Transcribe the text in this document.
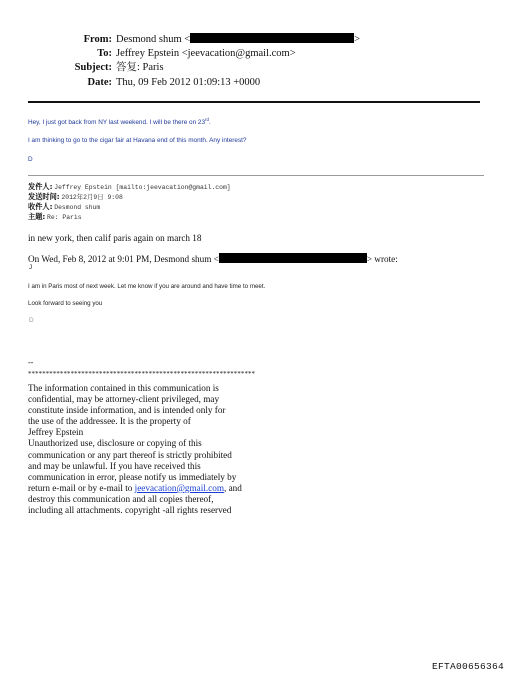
From: Desmond shum <	>
To: Jeffrey Epstein <jeevacation@gmail.com>
Subject: 答复: Paris
Date: Thu, 09 Feb 2012 01:09:13 +0000
Hey, I just got back from NY last weekend. I will be there on 23rd.
I am thinking to go to the cigar fair at Havana end of this month. Any interest?
D
发件人: Jeffrey Epstein [mailto:jeevacation@gmail.com]
发送时间: 2012年2月9日 9:08
收件人: Desmond shum
主题: Re: Paris
in new york, then calif paris again on march 18
On Wed, Feb 8, 2012 at 9:01 PM, Desmond shum <	> wrote:
J
I am in Paris most of next week. Let me know if you are around and have time to meet.
Look forward to seeing you
D
--
****************************************************************
The information contained in this communication is
confidential, may be attorney-client privileged, may
constitute inside information, and is intended only for
the use of the addressee. It is the property of
Jeffrey Epstein
Unauthorized use, disclosure or copying of this
communication or any part thereof is strictly prohibited
and may be unlawful. If you have received this
communication in error, please notify us immediately by
return e-mail or by e-mail to jeevacation@gmail.com, and
destroy this communication and all copies thereof,
including all attachments. copyright -all rights reserved
EFTA00656364
